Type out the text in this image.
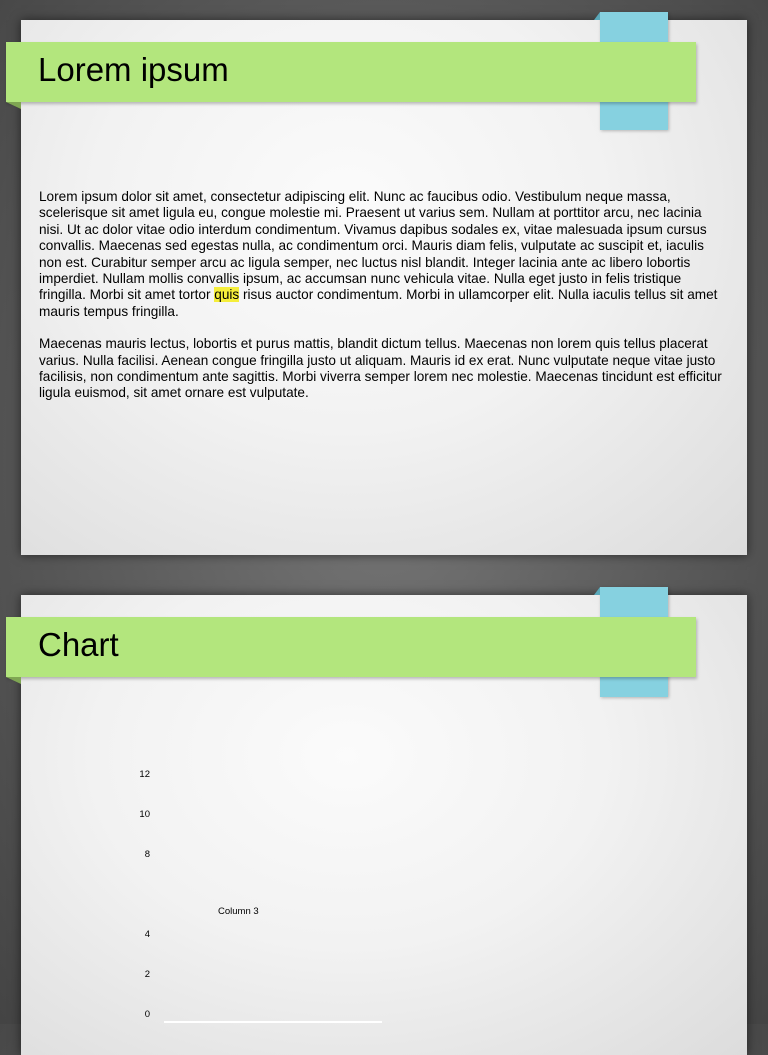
Lorem ipsum

Lorem ipsum dolor sit amet, consectetur adipiscing elit. Nunc ac faucibus odio. Vestibulum neque massa, scelerisque sit amet ligula eu, congue molestie mi. Praesent ut varius sem. Nullam at porttitor arcu, nec lacinia nisi. Ut ac dolor vitae odio interdum condimentum. Vivamus dapibus sodales ex, vitae malesuada ipsum cursus convallis. Maecenas sed egestas nulla, ac condimentum orci. Mauris diam felis, vulputate ac suscipit et, iaculis non est. Curabitur semper arcu ac ligula semper, nec luctus nisl blandit. Integer lacinia ante ac libero lobortis imperdiet. Nullam mollis convallis ipsum, ac accumsan nunc vehicula vitae. Nulla eget justo in felis tristique fringilla. Morbi sit amet tortor quis risus auctor condimentum. Morbi in ullamcorper elit. Nulla iaculis tellus sit amet mauris tempus fringilla.

Maecenas mauris lectus, lobortis et purus mattis, blandit dictum tellus. Maecenas non lorem quis tellus placerat varius. Nulla facilisi. Aenean congue fringilla justo ut aliquam. Mauris id ex erat. Nunc vulputate neque vitae justo facilisis, non condimentum ante sagittis. Morbi viverra semper lorem nec molestie. Maecenas tincidunt est efficitur ligula euismod, sit amet ornare est vulputate.

Chart
0
2
4
8
10
12
Column 3
